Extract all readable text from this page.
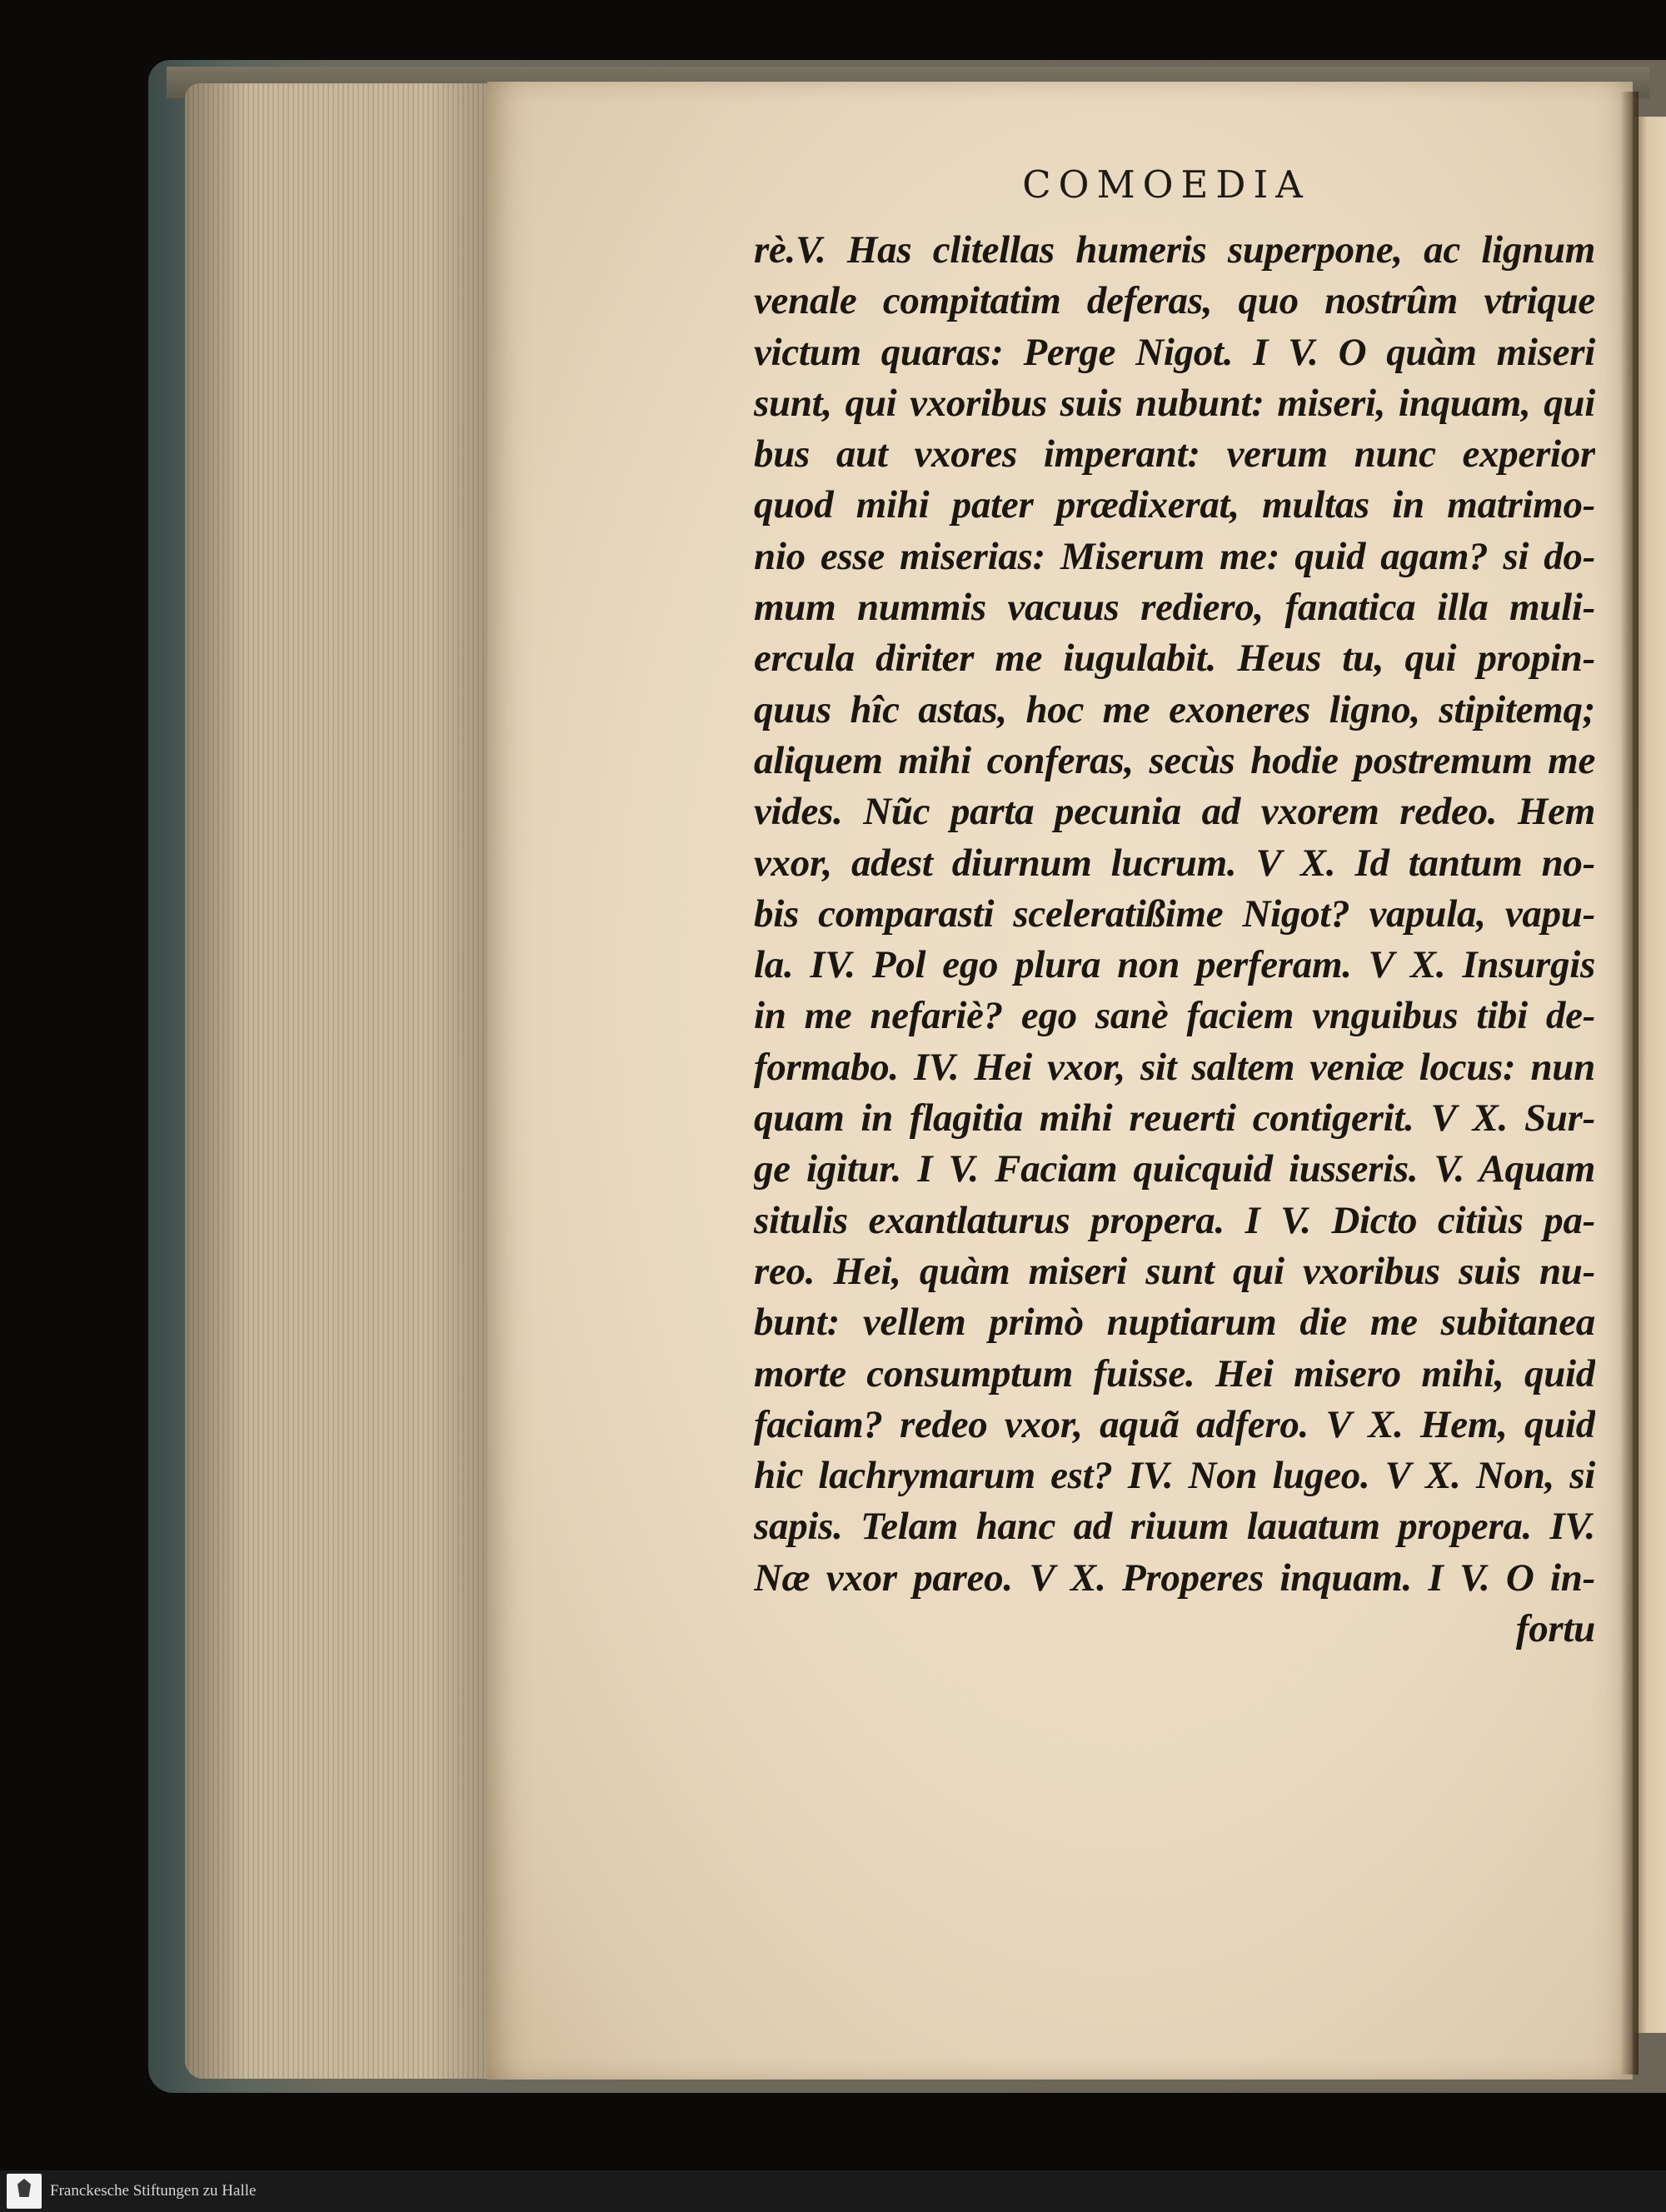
COMOEDIA
rè.V. Has clitellas humeris superpone, ac lignum
venale compitatim deferas, quo nostrûm vtrique
victum quaras: Perge Nigot. I V. O quàm miseri
sunt, qui vxoribus suis nubunt: miseri, inquam, qui
bus aut vxores imperant: verum nunc experior
quod mihi pater prædixerat, multas in matrimo-
nio esse miserias: Miserum me: quid agam? si do-
mum nummis vacuus rediero, fanatica illa muli-
ercula diriter me iugulabit. Heus tu, qui propin-
quus hîc astas, hoc me exoneres ligno, stipitemq;
aliquem mihi conferas, secùs hodie postremum me
vides. Nũc parta pecunia ad vxorem redeo. Hem
vxor, adest diurnum lucrum. V X. Id tantum no-
bis comparasti sceleratißime Nigot? vapula, vapu-
la. IV. Pol ego plura non perferam. V X. Insurgis
in me nefariè? ego sanè faciem vnguibus tibi de-
formabo. IV. Hei vxor, sit saltem veniæ locus: nun
quam in flagitia mihi reuerti contigerit. V X. Sur-
ge igitur. I V. Faciam quicquid iusseris. V. Aquam
situlis exantlaturus propera. I V. Dicto citiùs pa-
reo. Hei, quàm miseri sunt qui vxoribus suis nu-
bunt: vellem primò nuptiarum die me subitanea
morte consumptum fuisse. Hei misero mihi, quid
faciam? redeo vxor, aquã adfero. V X. Hem, quid
hic lachrymarum est? IV. Non lugeo. V X. Non, si
sapis. Telam hanc ad riuum lauatum propera. IV.
Næ vxor pareo. V X. Properes inquam. I V. O in-
fortu
Franckesche Stiftungen zu Halle
